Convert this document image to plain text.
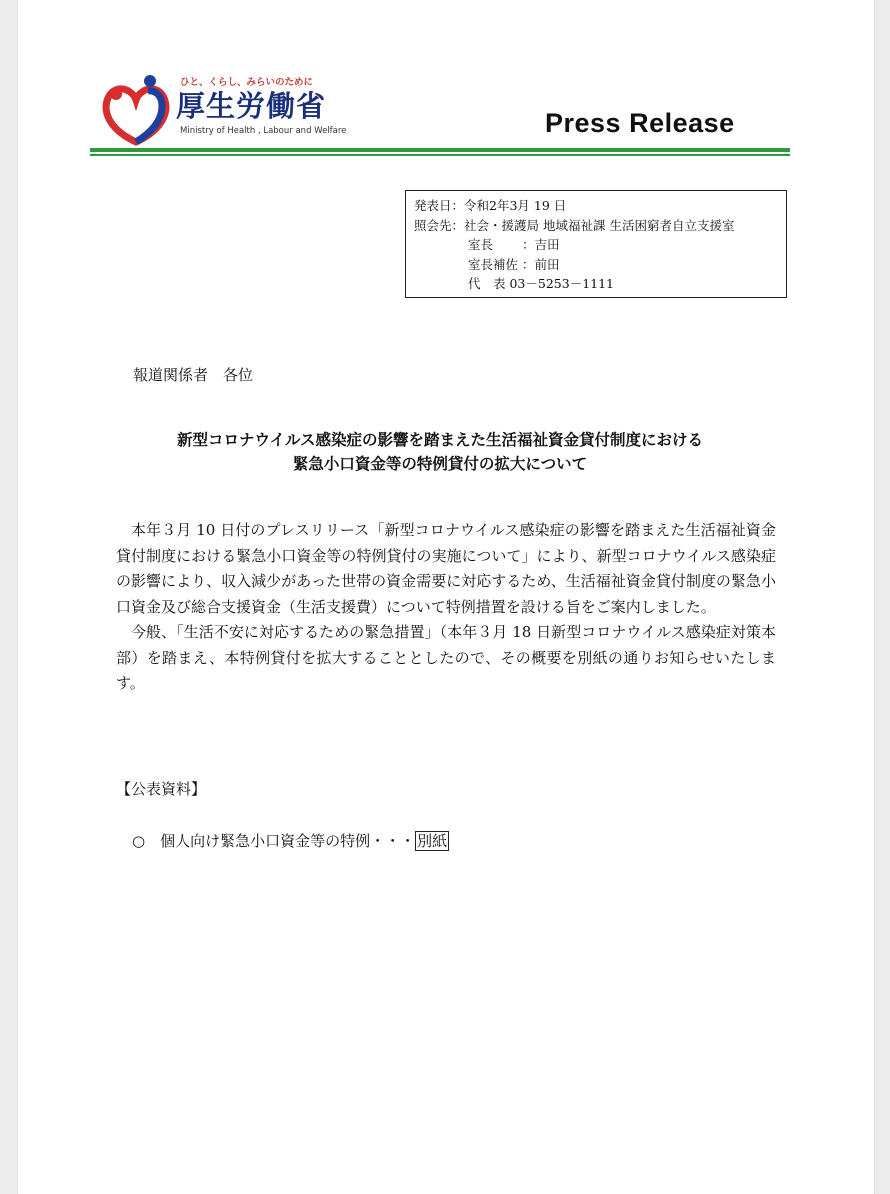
ひと、くらし、みらいのために
厚生労働省
Ministry of Health , Labour and Welfare	Press Release
発表日：令和2年3月 19 日
照会先：社会・援護局 地域福祉課 生活困窮者自立支援室
室長　　 ：吉田
室長補佐 ：前田
代　表 03－5253－1111
報道関係者　各位
新型コロナウイルス感染症の影響を踏まえた生活福祉資金貸付制度における
緊急小口資金等の特例貸付の拡大について

本年３月 10 日付のプレスリリース「新型コロナウイルス感染症の影響を踏まえた生活福祉資金貸付制度における緊急小口資金等の特例貸付の実施について」により、新型コロナウイルス感染症の影響により、収入減少があった世帯の資金需要に対応するため、生活福祉資金貸付制度の緊急小口資金及び総合支援資金（生活支援費）について特例措置を設ける旨をご案内しました。

今般、「生活不安に対応するための緊急措置」（本年３月 18 日新型コロナウイルス感染症対策本部）を踏まえ、本特例貸付を拡大することとしたので、その概要を別紙の通りお知らせいたします。

【公表資料】
○　個人向け緊急小口資金等の特例・・・ 別紙
